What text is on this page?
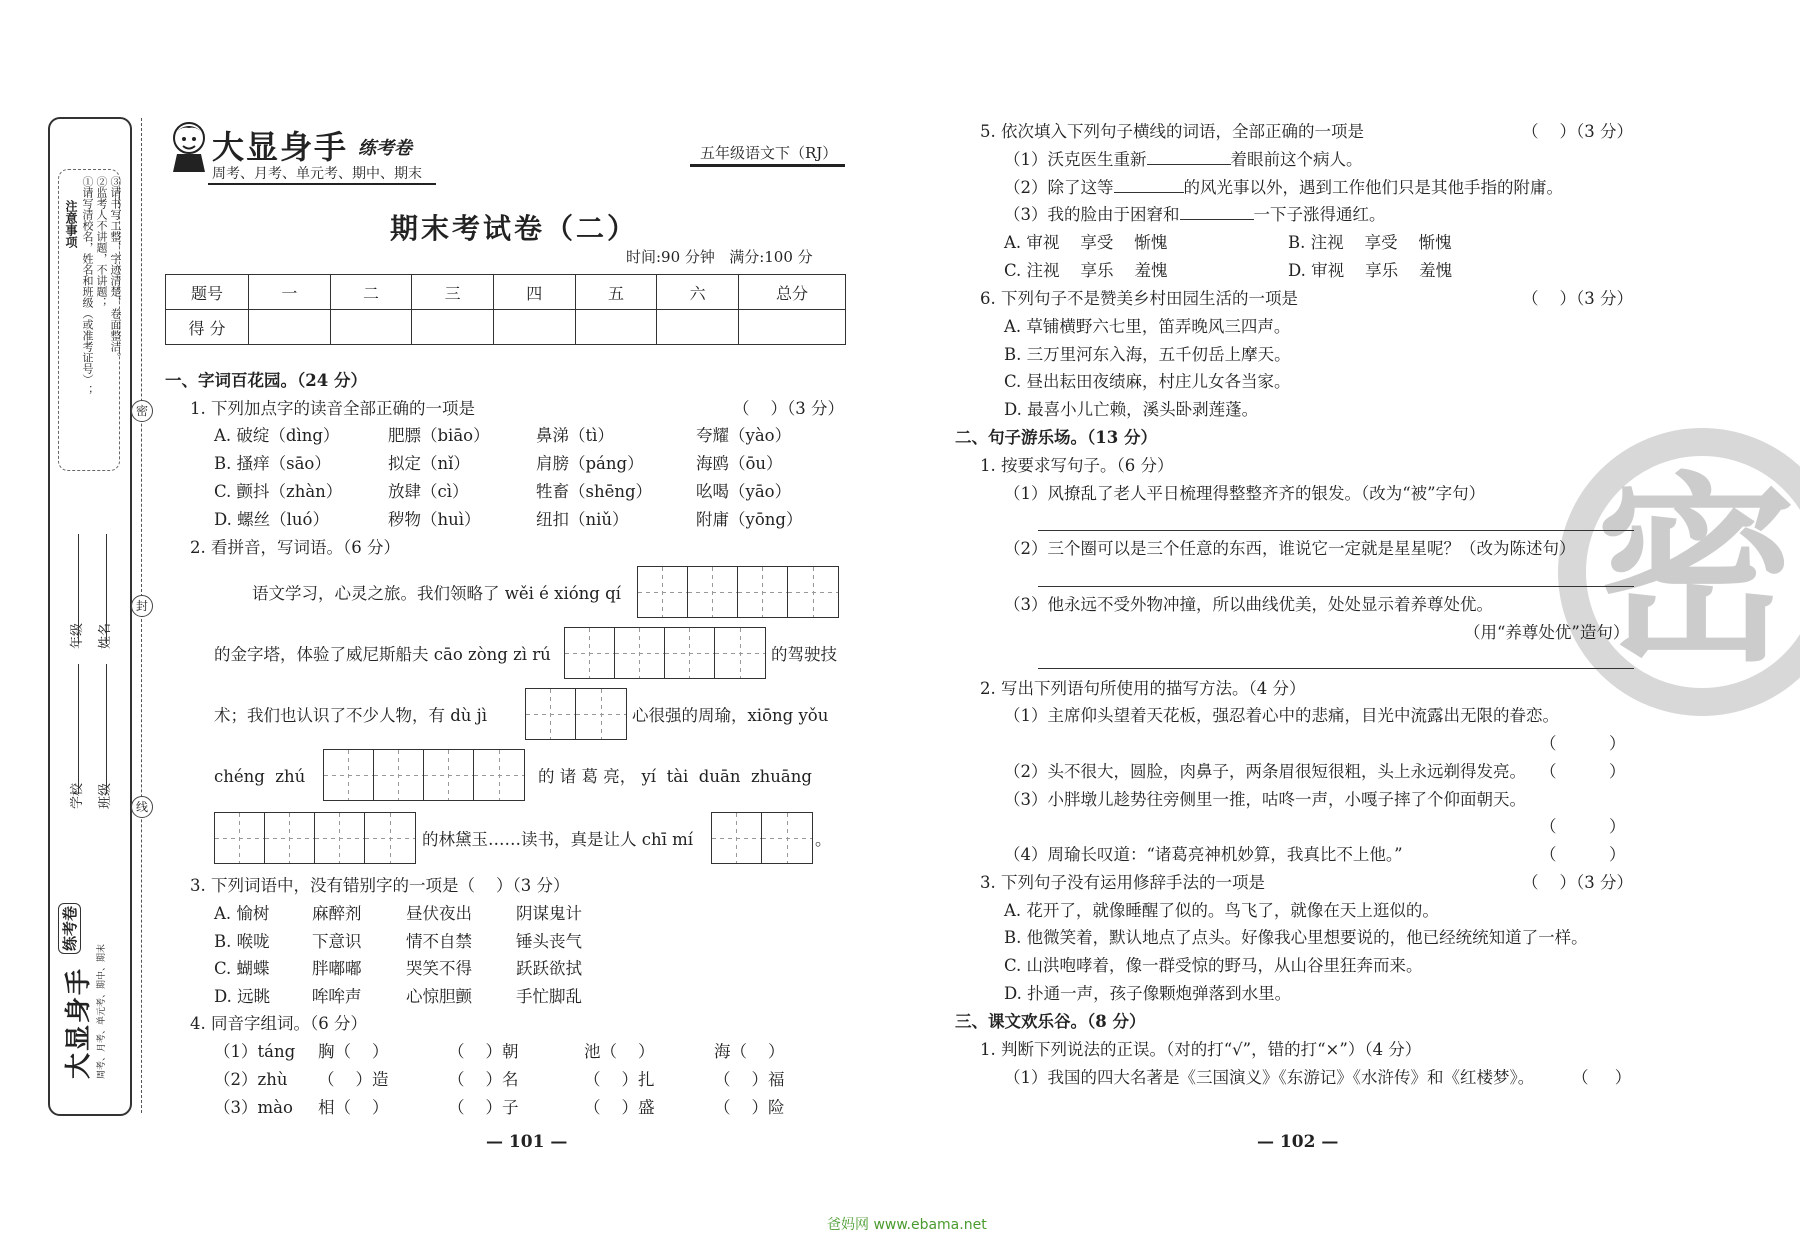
注意事项 ①请写清校名，姓名和班级（或准考证号）； ②监考人不讲题，不讲题； ③请书写工整，字迹清楚，卷面整洁。
学校
年级
班级
姓名
大显身手
练考卷
周考、月考、单元考、期中、期末
密
封
线
大显身手 练考卷
周考、月考、单元考、期中、期末
五年级语文下（RJ）
期末考试卷（二）
时间:90 分钟   满分:100 分
题号	一	二	三	四	五	六	总分
得 分							
一、字词百花园。（24 分）
1. 下列加点字的读音全部正确的一项是	（    ）（3 分）
A. 破绽（dìng）	肥膘（biāo）	鼻涕（tì）	夸耀（yào）
B. 搔痒（sāo）	拟定（nǐ）	肩膀（páng）	海鸥（ōu）
C. 颤抖（zhàn）	放肆（cì）	牲畜（shēng）	吆喝（yāo）
D. 螺丝（luó）	秽物（huì）	纽扣（niǔ）	附庸（yōng）
2. 看拼音，写词语。（6 分）
语文学习，心灵之旅。我们领略了 wěi é xióng qí
的金字塔，体验了威尼斯船夫 cāo zòng zì rú	的驾驶技
术；我们也认识了不少人物，有 dù jì	心很强的周瑜，xiōng yǒu
chéng  zhú	的 诸 葛 亮， yí  tài  duān  zhuāng
的林黛玉……读书，真是让人 chī mí	。
3. 下列词语中，没有错别字的一项是（    ）（3 分）
A. 愉树	麻醉剂	昼伏夜出	阴谋鬼计
B. 喉咙	下意识	情不自禁	锤头丧气
C. 蝴蝶	胖嘟嘟	哭笑不得	跃跃欲拭
D. 远眺	哞哞声	心惊胆颤	手忙脚乱
4. 同音字组词。（6 分）
（1）táng 胸（    ）	（    ）朝	池（    ）	海（    ）
（2）zhù （    ）造	（    ）名	（    ）扎	（    ）福
（3）mào 相（    ）	（    ）子	（    ）盛	（    ）险
— 101 —
密
5. 依次填入下列句子横线的词语，全部正确的一项是	（    ）（3 分）
（1）沃克医生重新	着眼前这个病人。
（2）除了这等	的风光事以外，遇到工作他们只是其他手指的附庸。
（3）我的脸由于困窘和	一下子涨得通红。
A. 审视    享受    惭愧	B. 注视    享受    惭愧
C. 注视    享乐    羞愧	D. 审视    享乐    羞愧
6. 下列句子不是赞美乡村田园生活的一项是	（    ）（3 分）
A. 草铺横野六七里，笛弄晚风三四声。
B. 三万里河东入海，五千仞岳上摩天。
C. 昼出耘田夜绩麻，村庄儿女各当家。
D. 最喜小儿亡赖，溪头卧剥莲蓬。
二、句子游乐场。（13 分）
1. 按要求写句子。（6 分）
（1）风撩乱了老人平日梳理得整整齐齐的银发。（改为“被”字句）
（2）三个圈可以是三个任意的东西，谁说它一定就是星星呢？（改为陈述句）
（3）他永远不受外物冲撞，所以曲线优美，处处显示着养尊处优。
（用“养尊处优”造句）
2. 写出下列语句所使用的描写方法。（4 分）
（1）主席仰头望着天花板，强忍着心中的悲痛，目光中流露出无限的眷恋。
（          ）
（2）头不很大，圆脸，肉鼻子，两条眉很短很粗，头上永远剃得发亮。 （          ）
（3）小胖墩儿趁势往旁侧里一推，咕咚一声，小嘎子摔了个仰面朝天。
（          ）
（4）周瑜长叹道：“诸葛亮神机妙算，我真比不上他。”	（          ）
3. 下列句子没有运用修辞手法的一项是	（    ）（3 分）
A. 花开了，就像睡醒了似的。鸟飞了，就像在天上逛似的。
B. 他微笑着，默认地点了点头。好像我心里想要说的，他已经统统知道了一样。
C. 山洪咆哮着，像一群受惊的野马，从山谷里狂奔而来。
D. 扑通一声，孩子像颗炮弹落到水里。
三、课文欢乐谷。（8 分）
1. 判断下列说法的正误。（对的打“√”，错的打“×”）（4 分）
（1）我国的四大名著是《三国演义》《东游记》《水浒传》和《红楼梦》。 （     ）
— 102 —
爸妈网 www.ebama.net
